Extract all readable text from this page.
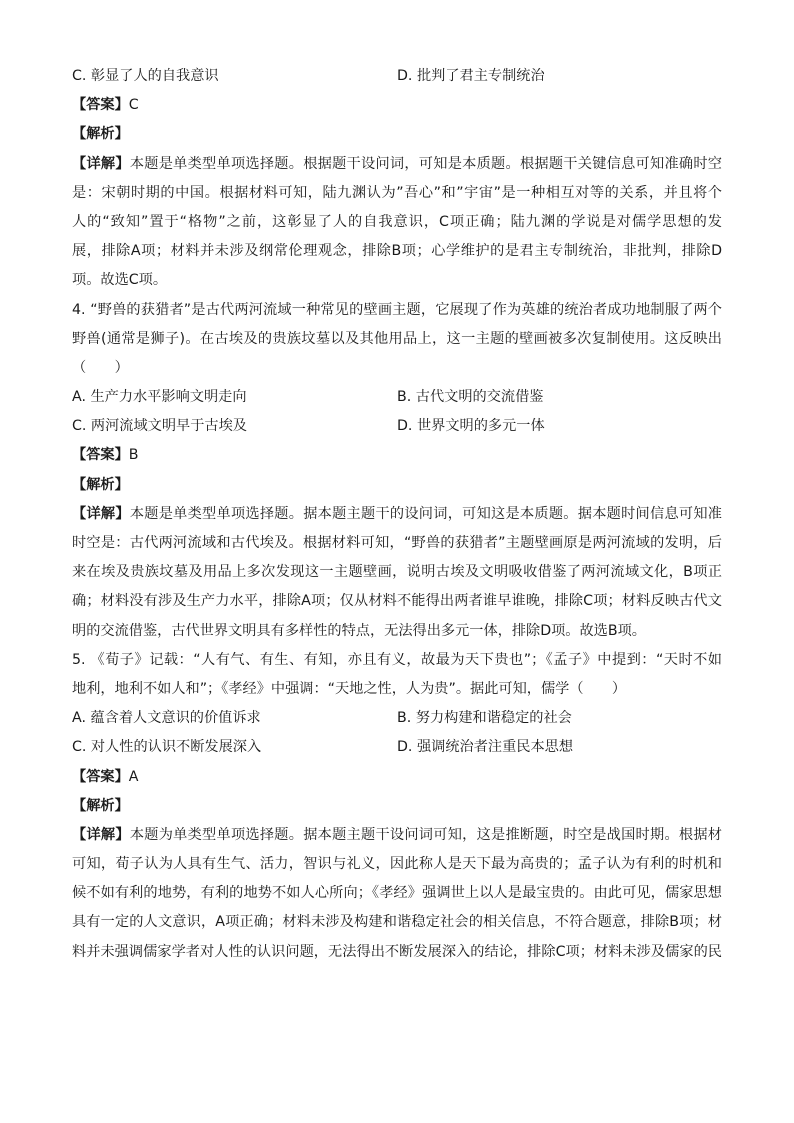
C. 彰显了人的自我意识	D. 批判了君主专制统治
【答案】C
【解析】
【详解】本题是单类型单项选择题。根据题干设问词，可知是本质题。根据题干关键信息可知准确时空
是：宋朝时期的中国。根据材料可知，陆九渊认为”吾心”和”宇宙”是一种相互对等的关系，并且将个
人的“致知”置于“格物”之前，这彰显了人的自我意识，C项正确；陆九渊的学说是对儒学思想的发
展，排除A项；材料并未涉及纲常伦理观念，排除B项；心学维护的是君主专制统治，非批判，排除D
项。故选C项。
4. “野兽的获猎者”是古代两河流域一种常见的壁画主题，它展现了作为英雄的统治者成功地制服了两个
野兽(通常是狮子)。在古埃及的贵族坟墓以及其他用品上，这一主题的壁画被多次复制使用。这反映出
（　　）
A. 生产力水平影响文明走向	B. 古代文明的交流借鉴
C. 两河流域文明早于古埃及	D. 世界文明的多元一体
【答案】B
【解析】
【详解】本题是单类型单项选择题。据本题主题干的设问词，可知这是本质题。据本题时间信息可知准
时空是：古代两河流域和古代埃及。根据材料可知，“野兽的获猎者”主题壁画原是两河流域的发明，后
来在埃及贵族坟墓及用品上多次发现这一主题壁画，说明古埃及文明吸收借鉴了两河流域文化，B项正
确；材料没有涉及生产力水平，排除A项；仅从材料不能得出两者谁早谁晚，排除C项；材料反映古代文
明的交流借鉴，古代世界文明具有多样性的特点，无法得出多元一体，排除D项。故选B项。
5. 《荀子》记载：“人有气、有生、有知，亦且有义，故最为天下贵也”；《孟子》中提到：“天时不如
地利，地利不如人和”；《孝经》中强调：“天地之性，人为贵”。据此可知，儒学（　　）
A. 蕴含着人文意识的价值诉求	B. 努力构建和谐稳定的社会
C. 对人性的认识不断发展深入	D. 强调统治者注重民本思想
【答案】A
【解析】
【详解】本题为单类型单项选择题。据本题主题干设问词可知，这是推断题，时空是战国时期。根据材
可知，荀子认为人具有生气、活力，智识与礼义，因此称人是天下最为高贵的；孟子认为有利的时机和
候不如有利的地势，有利的地势不如人心所向；《孝经》强调世上以人是最宝贵的。由此可见，儒家思想
具有一定的人文意识，A项正确；材料未涉及构建和谐稳定社会的相关信息，不符合题意，排除B项；材
料并未强调儒家学者对人性的认识问题，无法得出不断发展深入的结论，排除C项；材料未涉及儒家的民
